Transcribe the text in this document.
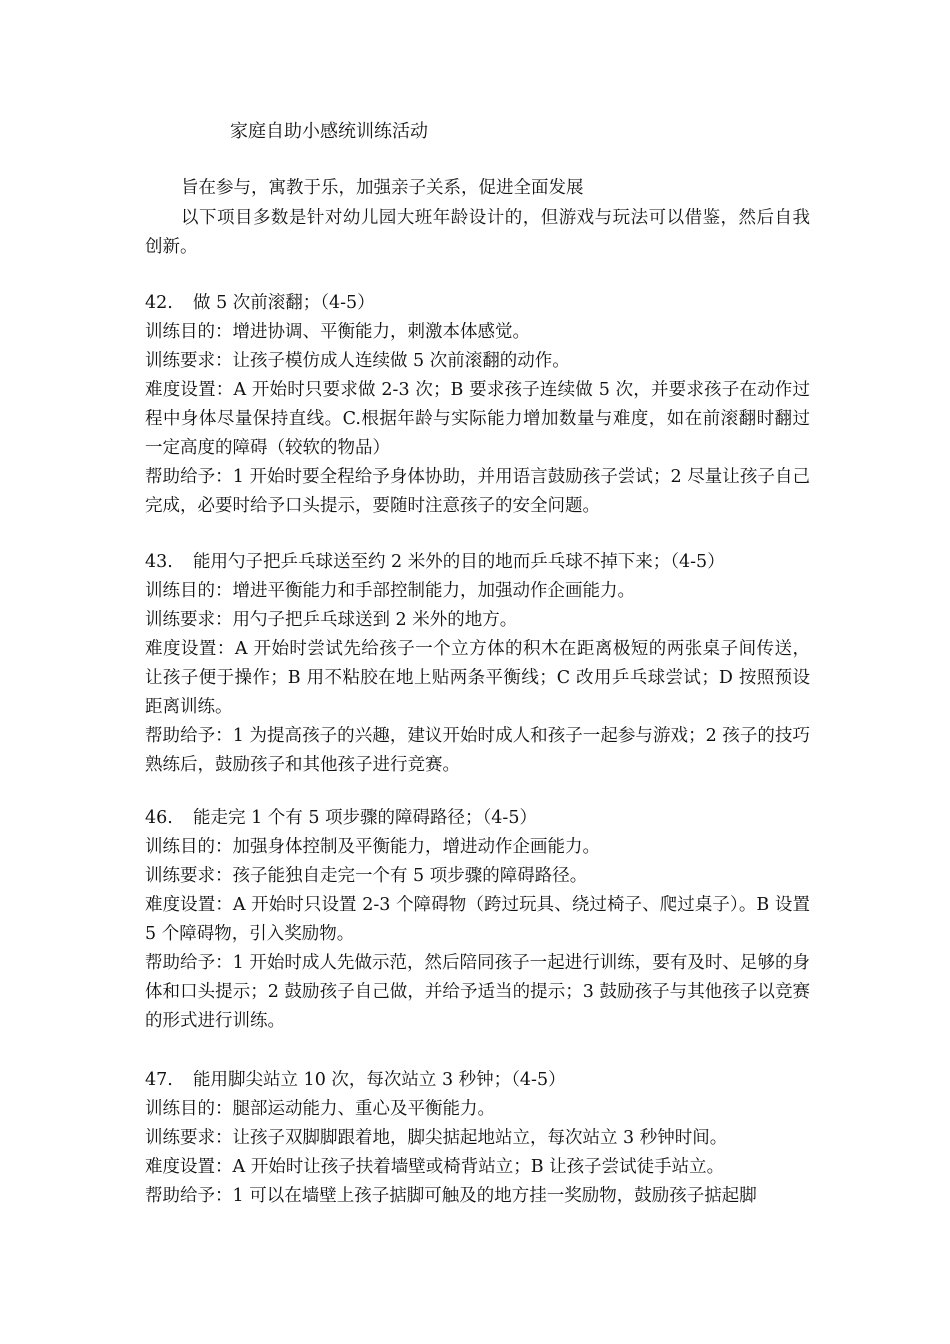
家庭自助小感统训练活动

旨在参与，寓教于乐，加强亲子关系，促进全面发展

以下项目多数是针对幼儿园大班年龄设计的，但游戏与玩法可以借鉴，然后自我创新。

42. 做 5 次前滚翻；（4-5）

训练目的：增进协调、平衡能力，刺激本体感觉。

训练要求：让孩子模仿成人连续做 5 次前滚翻的动作。

难度设置：A 开始时只要求做 2-3 次；B 要求孩子连续做 5 次，并要求孩子在动作过程中身体尽量保持直线。C.根据年龄与实际能力增加数量与难度，如在前滚翻时翻过一定高度的障碍（较软的物品）

帮助给予：1 开始时要全程给予身体协助，并用语言鼓励孩子尝试；2 尽量让孩子自己完成，必要时给予口头提示，要随时注意孩子的安全问题。

43. 能用勺子把乒乓球送至约 2 米外的目的地而乒乓球不掉下来；（4-5）

训练目的：增进平衡能力和手部控制能力，加强动作企画能力。

训练要求：用勺子把乒乓球送到 2 米外的地方。

难度设置：A 开始时尝试先给孩子一个立方体的积木在距离极短的两张桌子间传送，让孩子便于操作；B 用不粘胶在地上贴两条平衡线；C 改用乒乓球尝试；D 按照预设距离训练。

帮助给予：1 为提高孩子的兴趣，建议开始时成人和孩子一起参与游戏；2 孩子的技巧熟练后，鼓励孩子和其他孩子进行竞赛。

46. 能走完 1 个有 5 项步骤的障碍路径；（4-5）

训练目的：加强身体控制及平衡能力，增进动作企画能力。

训练要求：孩子能独自走完一个有 5 项步骤的障碍路径。

难度设置：A 开始时只设置 2-3 个障碍物（跨过玩具、绕过椅子、爬过桌子）。B 设置 5 个障碍物，引入奖励物。

帮助给予：1 开始时成人先做示范，然后陪同孩子一起进行训练，要有及时、足够的身体和口头提示；2 鼓励孩子自己做，并给予适当的提示；3 鼓励孩子与其他孩子以竞赛的形式进行训练。

47. 能用脚尖站立 10 次，每次站立 3 秒钟；（4-5）

训练目的：腿部运动能力、重心及平衡能力。

训练要求：让孩子双脚脚跟着地，脚尖掂起地站立，每次站立 3 秒钟时间。

难度设置：A 开始时让孩子扶着墙壁或椅背站立；B 让孩子尝试徒手站立。

帮助给予：1 可以在墙壁上孩子掂脚可触及的地方挂一奖励物，鼓励孩子掂起脚
